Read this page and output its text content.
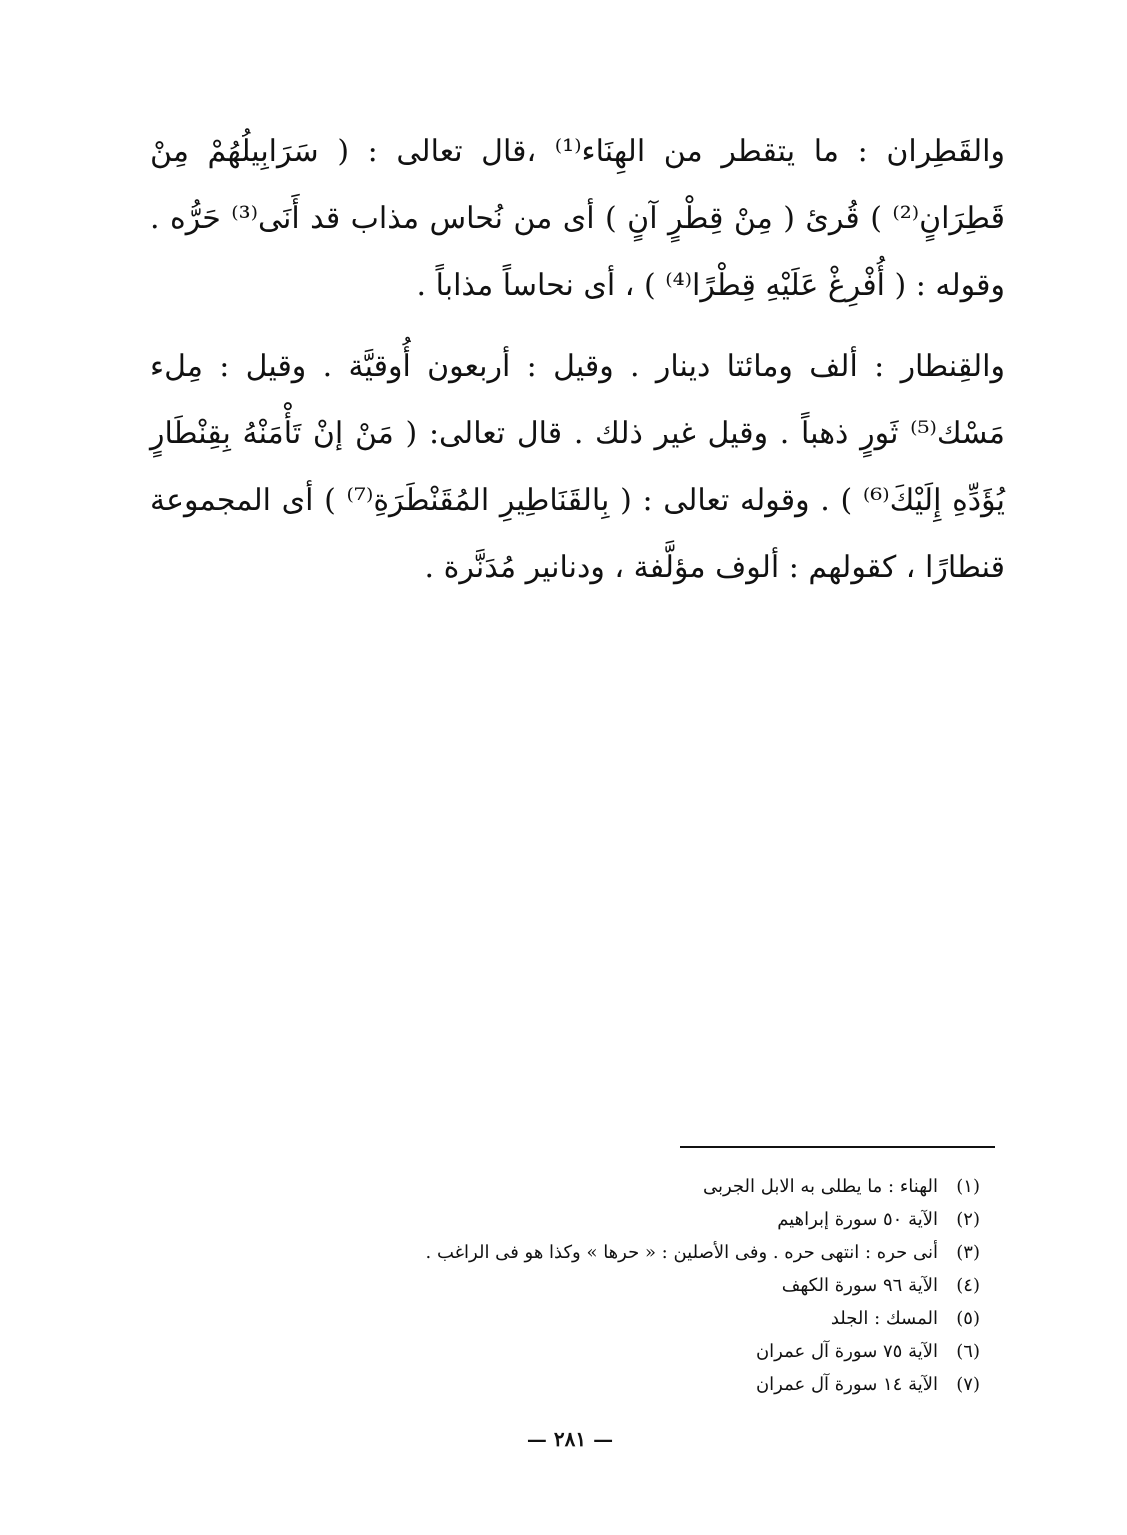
والقَطِران : ما يتقطر من الهِنَاء⁽¹⁾ ،قال تعالى : ( سَرَابِيلُهُمْ مِنْ قَطِرَانٍ⁽²⁾ ) قُرئ ( مِنْ قِطْرٍ آنٍ ) أى من نُحاس مذاب قد أَنَى⁽³⁾ حَرُّه . وقوله : ( أُفْرِغْ عَلَيْهِ قِطْرًا⁽⁴⁾ ) ، أى نحاساً مذاباً .

والقِنطار : ألف ومائتا دينار . وقيل : أربعون أُوقيَّة . وقيل : مِلء مَسْك⁽⁵⁾ ثَورٍ ذهباً . وقيل غير ذلك . قال تعالى: ( مَنْ إنْ تَأْمَنْهُ بِقِنْطَارٍ يُؤَدِّهِ إِلَيْكَ⁽⁶⁾ ) . وقوله تعالى : ( بِالقَنَاطِيرِ المُقَنْطَرَةِ⁽⁷⁾ ) أى المجموعة قنطارًا ، كقولهم : ألوف مؤلَّفة ، ودنانير مُدَنَّرة .

(١)
الهناء : ما يطلى به الابل الجربى
(٢)
الآية ٥٠ سورة إبراهيم
(٣)
أنى حره : انتهى حره . وفى الأصلين : « حرها » وكذا هو فى الراغب .
(٤)
الآية ٩٦ سورة الكهف
(٥)
المسك : الجلد
(٦)
الآية ٧٥ سورة آل عمران
(٧)
الآية ١٤ سورة آل عمران
— ٢٨١ —
